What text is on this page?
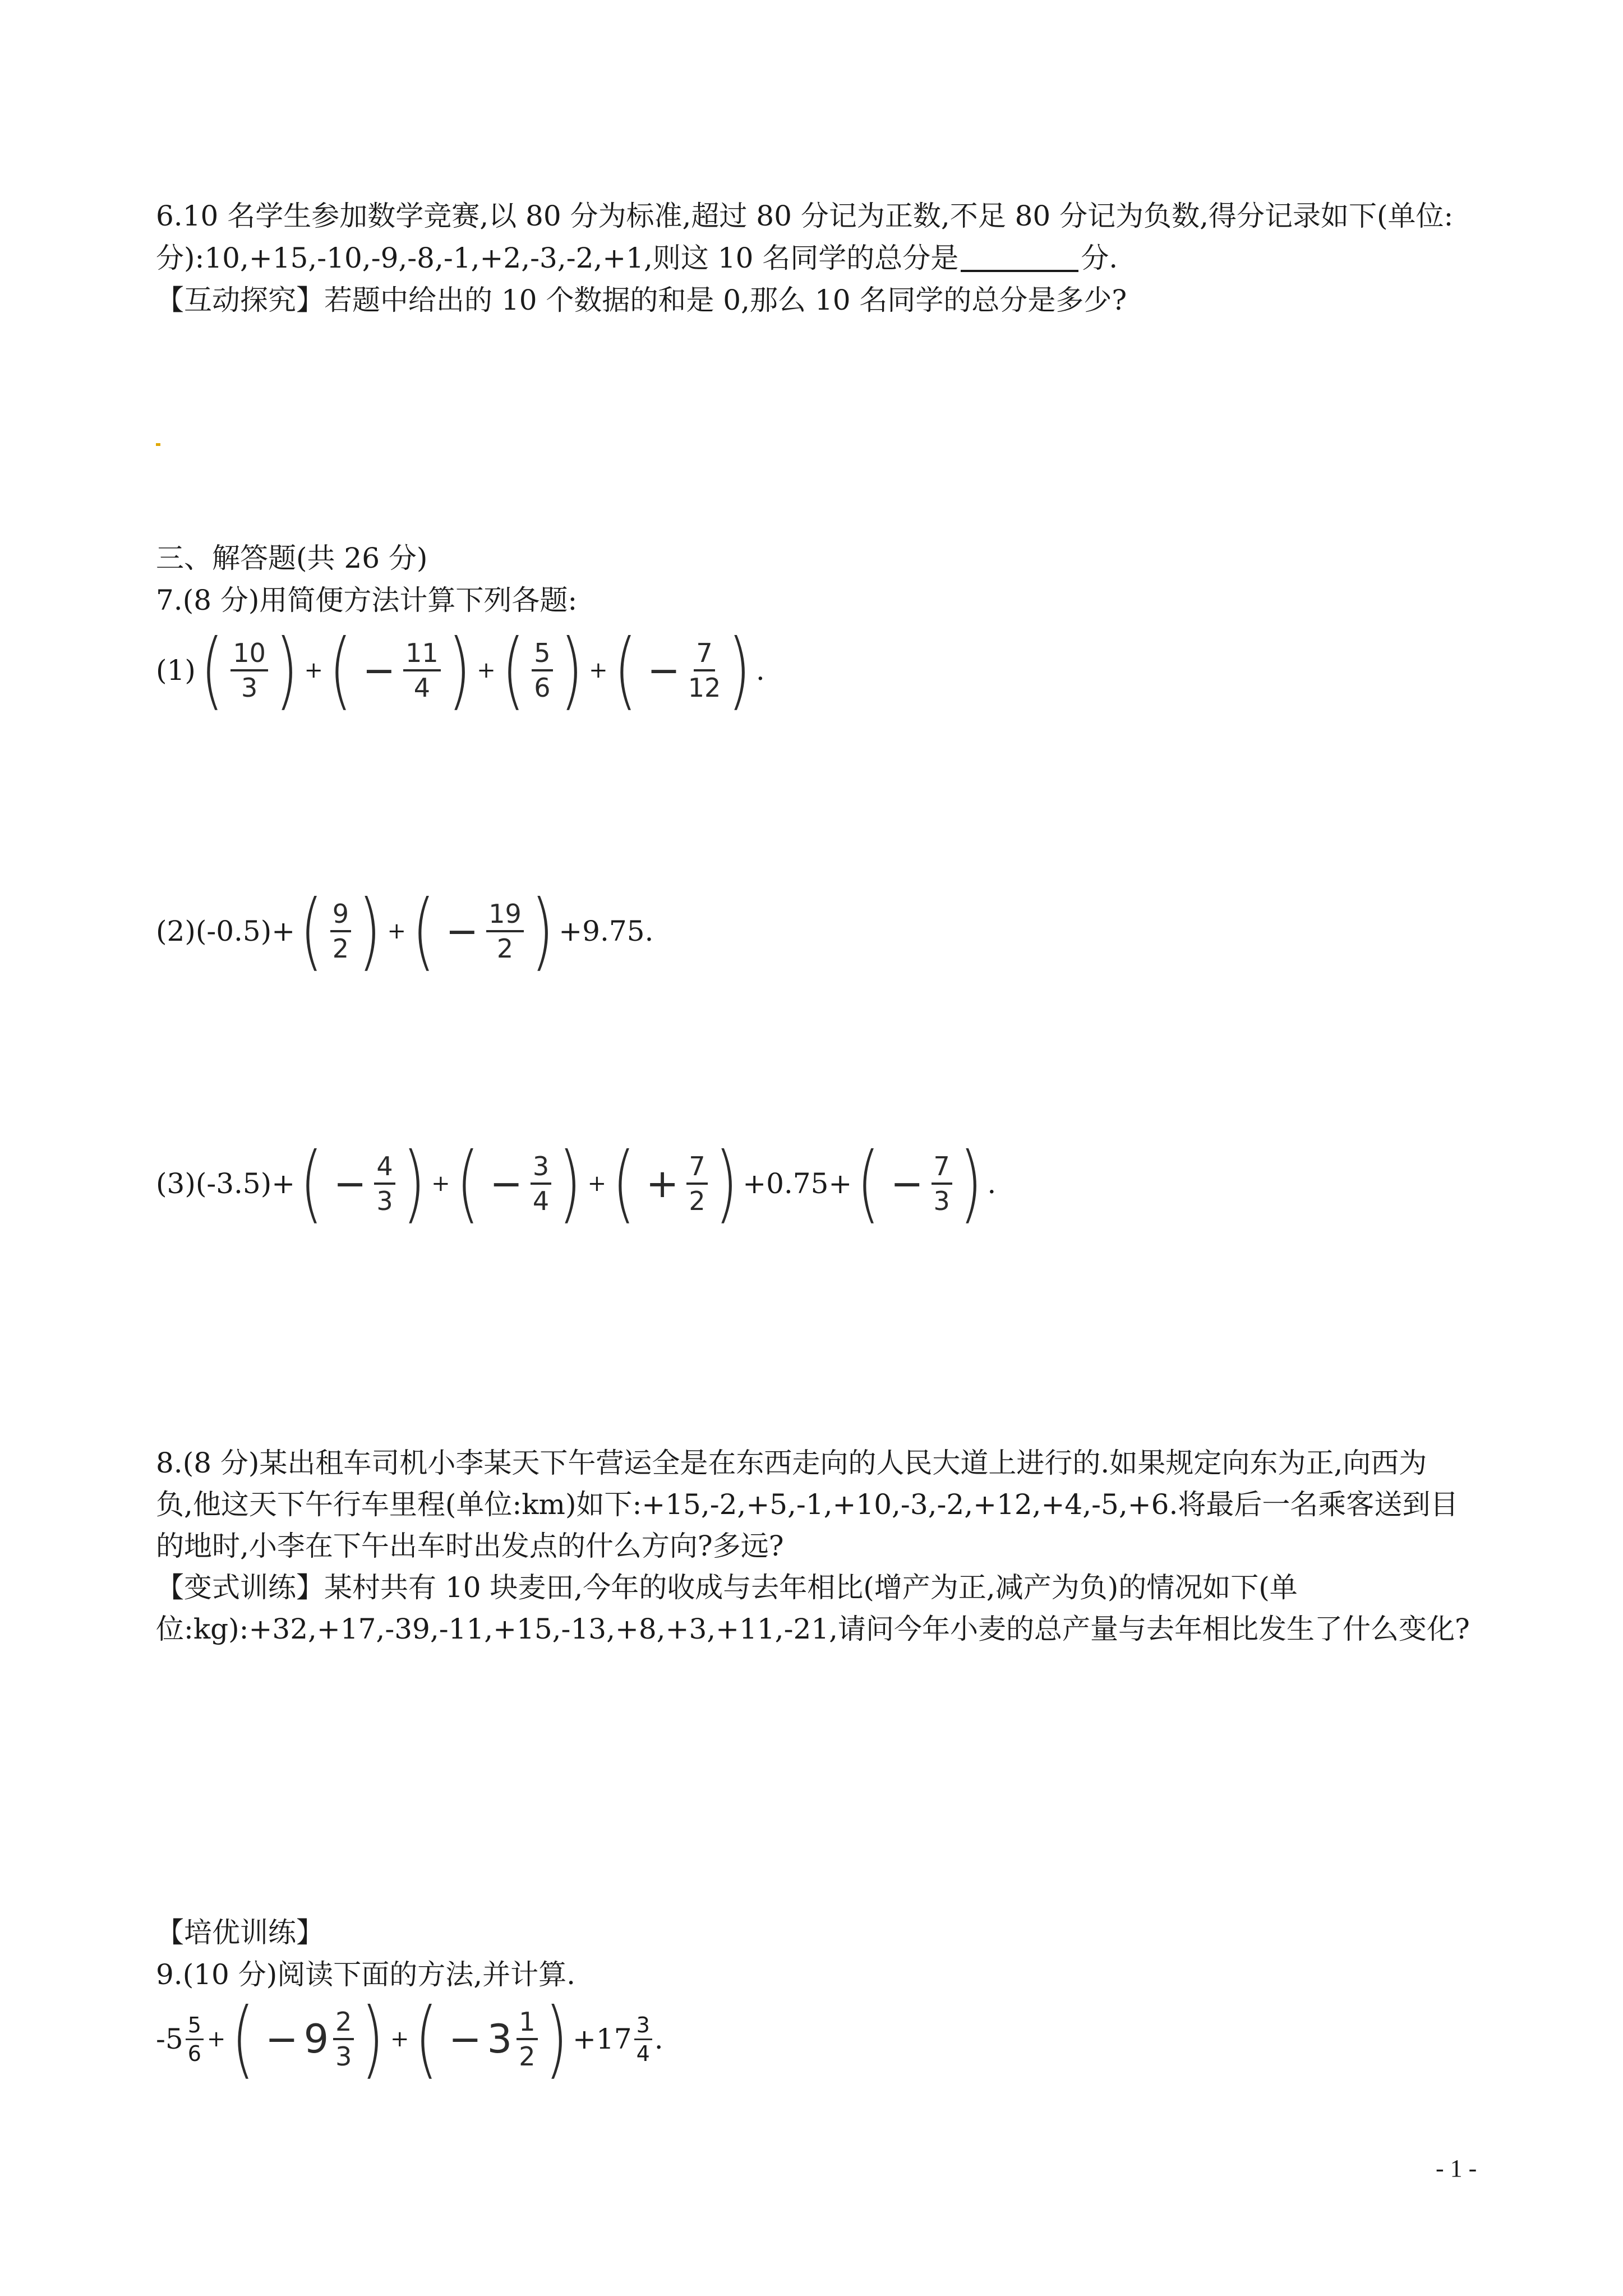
6.10 名学生参加数学竞赛,以 80 分为标准,超过 80 分记为正数,不足 80 分记为负数,得分记录如下(单位:
分):10,+15,-10,-9,-8,-1,+2,-3,-2,+1,则这 10 名同学的总分是	分.
【互动探究】若题中给出的 10 个数据的和是 0,那么 10 名同学的总分是多少?
三、解答题(共 26 分)
7.(8 分)用简便方法计算下列各题:
(1) ( $\frac{10}{3}$ ) + ( − $\frac{11}{4}$ ) + ( $\frac{5}{6}$ ) + ( − $\frac{7}{12}$ ) .
(2) (-0.5)+ ( $\frac{9}{2}$ ) + ( − $\frac{19}{2}$ ) +9.75.
(3) (-3.5)+ ( − $\frac{4}{3}$ ) + ( − $\frac{3}{4}$ ) + ( + $\frac{7}{2}$ ) +0.75+ ( − $\frac{7}{3}$ ) .
8.(8 分)某出租车司机小李某天下午营运全是在东西走向的人民大道上进行的.如果规定向东为正,向西为
负,他这天下午行车里程(单位:km)如下:+15,-2,+5,-1,+10,-3,-2,+12,+4,-5,+6.将最后一名乘客送到目
的地时,小李在下午出车时出发点的什么方向?多远?
【变式训练】某村共有 10 块麦田,今年的收成与去年相比(增产为正,减产为负)的情况如下(单
位:kg):+32,+17,-39,-11,+15,-13,+8,+3,+11,-21,请问今年小麦的总产量与去年相比发生了什么变化?
【培优训练】
9.(10 分)阅读下面的方法,并计算.
$-5 \frac{5}{6}$ + ( − $9 \frac{2}{3}$ ) + ( − $3 \frac{1}{2}$ ) $+17 \frac{3}{4}$ .
- 1 -
